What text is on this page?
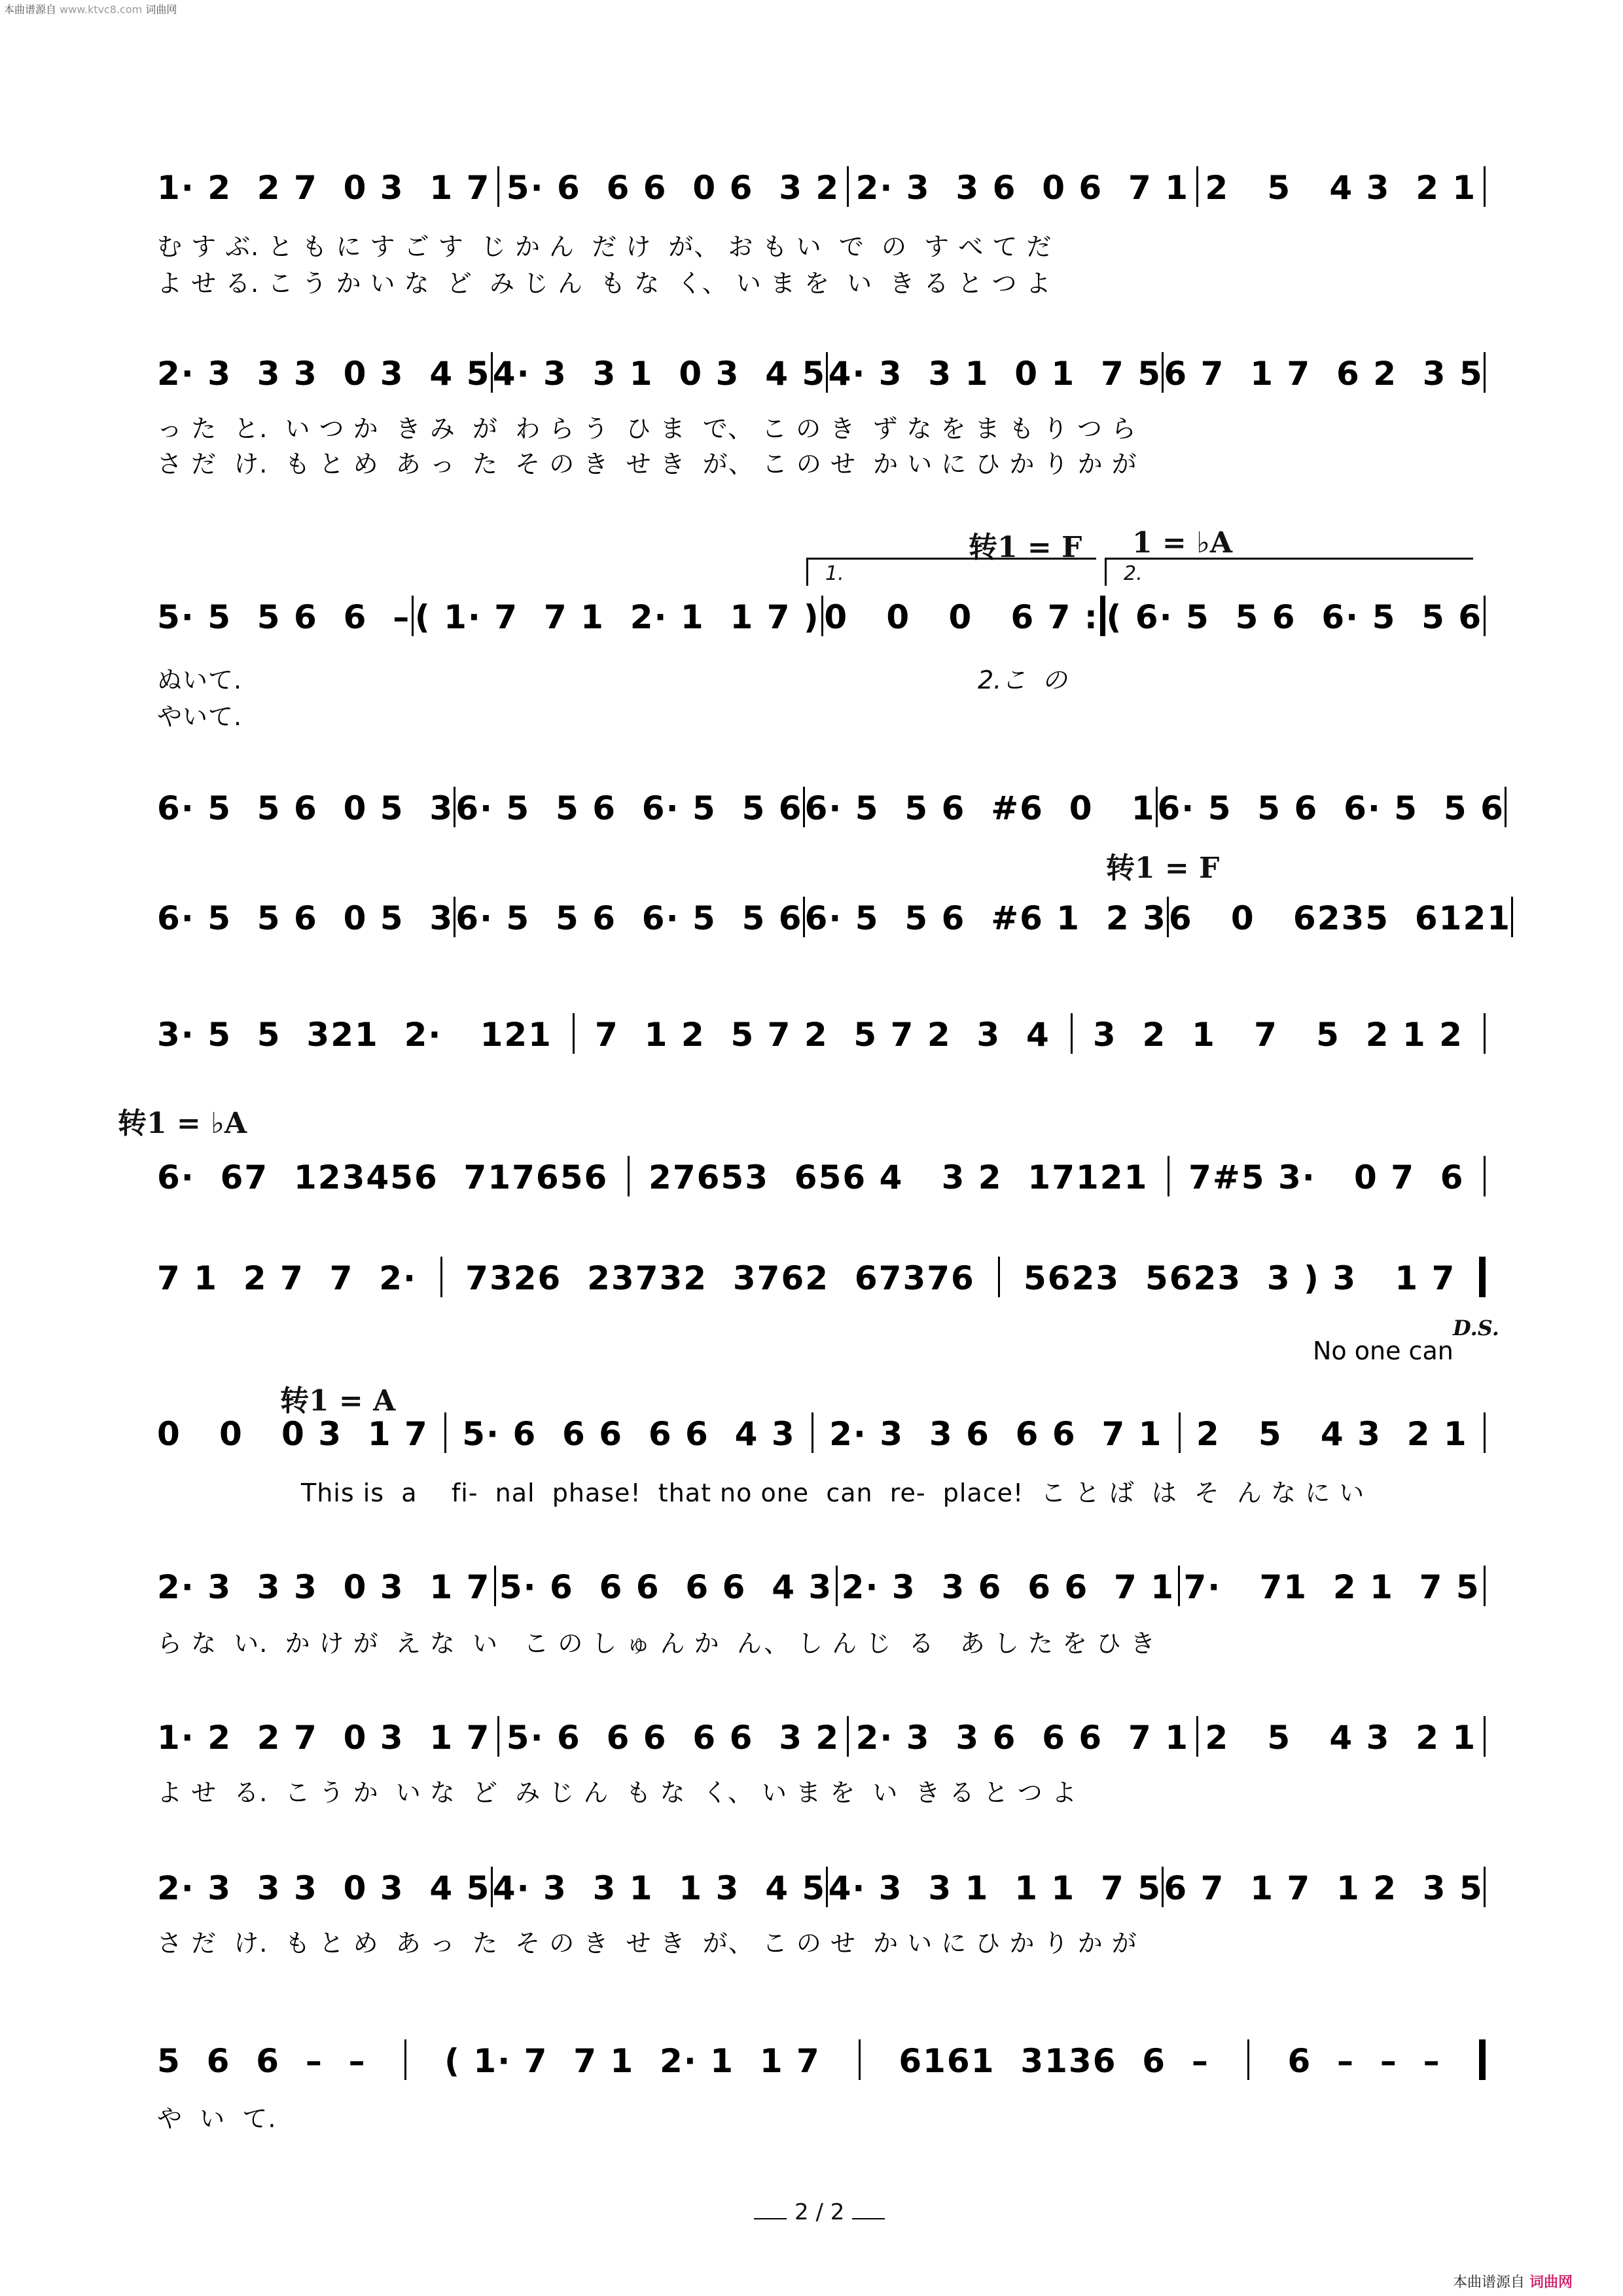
本曲谱源自 www.ktvc8.com 词曲网
1· 2  2 7  0 3  1 7 5· 6  6 6  0 6  3 2 2· 3  3 6  0 6  7 1 2   5   4 3  2 1
む す ぶ. と も に す ご す  じ か ん  だ け  が、 お も い  で  の  す べ て だ
よ せ る. こ う か い な  ど  み じ ん  も な  く、 い ま を  い  き る と つ よ
2· 3  3 3  0 3  4 5 4· 3  3 1  0 3  4 5 4· 3  3 1  0 1  7 5 6 7  1 7  6 2  3 5
っ た  と.  い つ か  き み  が  わ ら う  ひ ま  で、 こ の き  ず な を ま も り つ ら
さ だ  け.  も と め  あ っ  た  そ の き  せ き  が、 こ の せ  か い に ひ か り か が
转1 = F 1 = ♭A
1.	2.
5· 5  5 6  6  – ( 1· 7  7 1  2· 1  1 7 ) 0   0   0   6 7 : ( 6· 5  5 6  6· 5  5 6
ぬいて.
やいて.
2.こ  の
6· 5  5 6  0 5  3 6· 5  5 6  6· 5  5 6 6· 5  5 6  #6  0   1 6· 5  5 6  6· 5  5 6
转1 = F
6· 5  5 6  0 5  3 6· 5  5 6  6· 5  5 6 6· 5  5 6  #6 1  2 3 6   0   6235  6121
3· 5  5  321  2·   121 7  1 2  5 7 2  5 7 2  3  4 3  2  1   7   5  2 1 2
转1 = ♭A
6·  67  123456  717656 27653  656 4   3 2  17121 7#5 3·   0 7  6
7 1  2 7  7  2· 7326  23732  3762  67376 5623  5623  3 ) 3   1 7
D.S.
No one can
转1 = A
0   0   0 3  1 7 5· 6  6 6  6 6  4 3 2· 3  3 6  6 6  7 1 2   5   4 3  2 1
This is  a    fi-  nal  phase!  that no one  can  re-  place!  こ と ば  は  そ  ん な に い
2· 3  3 3  0 3  1 7 5· 6  6 6  6 6  4 3 2· 3  3 6  6 6  7 1 7·   71  2 1  7 5
ら な  い.  か け が  え な  い   こ の し ゅ ん か  ん、 し ん じ  る   あ し た を ひ き
1· 2  2 7  0 3  1 7 5· 6  6 6  6 6  3 2 2· 3  3 6  6 6  7 1 2   5   4 3  2 1
よ せ  る.  こ う か  い な  ど  み じ ん  も な  く、 い ま を  い  き る と つ よ
2· 3  3 3  0 3  4 5 4· 3  3 1  1 3  4 5 4· 3  3 1  1 1  7 5 6 7  1 7  1 2  3 5
さ だ  け.  も と め  あ っ  た  そ の き  せ き  が、 こ の せ  か い に ひ か り か が
5  6  6  –  – ( 1· 7  7 1  2· 1  1 7 6161  3136  6  – 6  –  –  –
や  い  て.
2 / 2
本曲谱源自 词曲网
